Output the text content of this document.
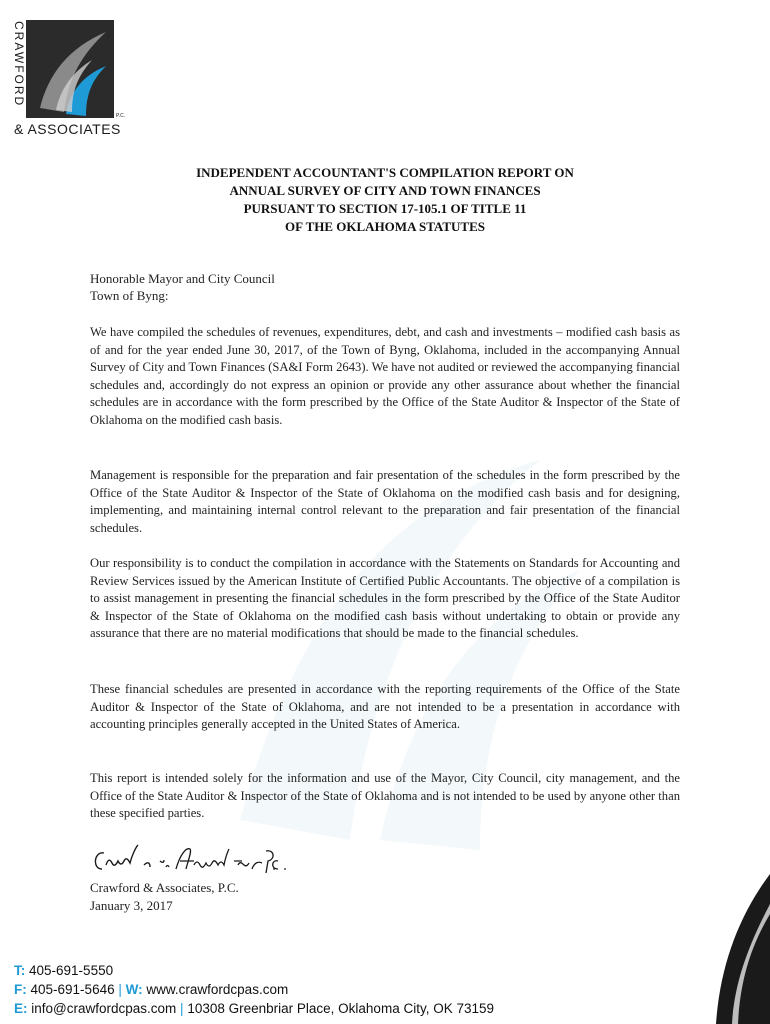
CRAWFORD
P.C.
& ASSOCIATES
INDEPENDENT ACCOUNTANT'S COMPILATION REPORT ON
ANNUAL SURVEY OF CITY AND TOWN FINANCES
PURSUANT TO SECTION 17-105.1 OF TITLE 11
OF THE OKLAHOMA STATUTES
Honorable Mayor and City Council
Town of Byng:

We have compiled the schedules of revenues, expenditures, debt, and cash and investments – modified cash basis as of and for the year ended June 30, 2017, of the Town of Byng, Oklahoma, included in the accompanying Annual Survey of City and Town Finances (SA&I Form 2643). We have not audited or reviewed the accompanying financial schedules and, accordingly do not express an opinion or provide any other assurance about whether the financial schedules are in accordance with the form prescribed by the Office of the State Auditor & Inspector of the State of Oklahoma on the modified cash basis.

Management is responsible for the preparation and fair presentation of the schedules in the form prescribed by the Office of the State Auditor & Inspector of the State of Oklahoma on the modified cash basis and for designing, implementing, and maintaining internal control relevant to the preparation and fair presentation of the financial schedules.

Our responsibility is to conduct the compilation in accordance with the Statements on Standards for Accounting and Review Services issued by the American Institute of Certified Public Accountants. The objective of a compilation is to assist management in presenting the financial schedules in the form prescribed by the Office of the State Auditor & Inspector of the State of Oklahoma on the modified cash basis without undertaking to obtain or provide any assurance that there are no material modifications that should be made to the financial schedules.

These financial schedules are presented in accordance with the reporting requirements of the Office of the State Auditor & Inspector of the State of Oklahoma, and are not intended to be a presentation in accordance with accounting principles generally accepted in the United States of America.

This report is intended solely for the information and use of the Mayor, City Council, city management, and the Office of the State Auditor & Inspector of the State of Oklahoma and is not intended to be used by anyone other than these specified parties.

Crawford & Associates, P.C.
January 3, 2017
T: 405-691-5550
F: 405-691-5646 | W: www.crawfordcpas.com
E: info@crawfordcpas.com | 10308 Greenbriar Place, Oklahoma City, OK 73159
